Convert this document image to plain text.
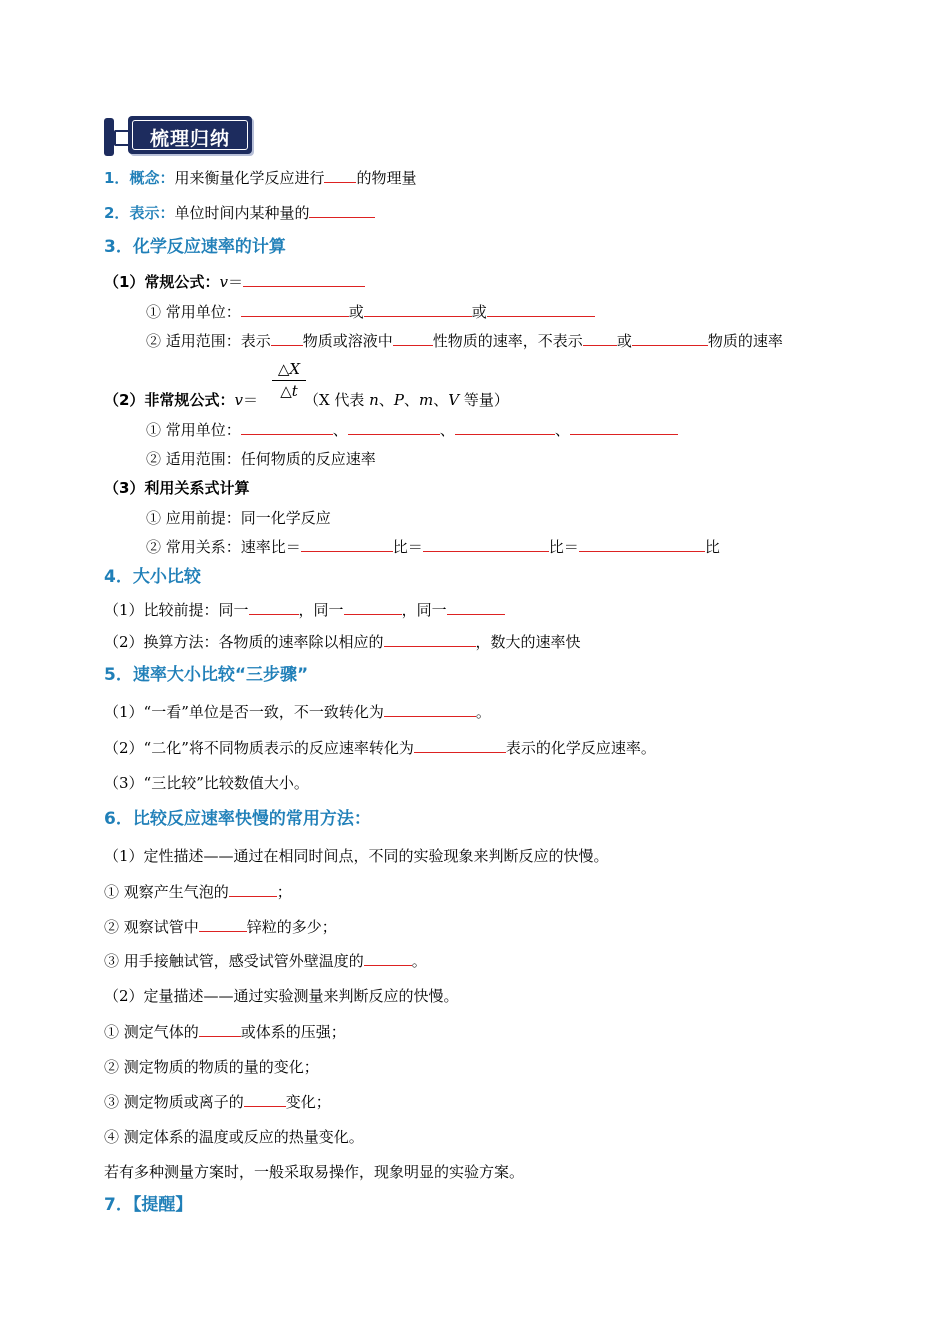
梳理归纳
1．概念：用来衡量化学反应进行 的物理量
2．表示：单位时间内某种量的
3．化学反应速率的计算
（1）常规公式：v＝
① 常用单位：	或	或
② 适用范围：表示 物质或溶液中	性物质的速率，不表示 或	物质的速率
$\frac{\triangle X}{\triangle t}$
（2）非常规公式：v＝	（X 代表 n、P、m、V 等量）
① 常用单位：	、	、	、
② 适用范围：任何物质的反应速率
（3）利用关系式计算
① 应用前提：同一化学反应
② 常用关系：速率比＝	比＝	比＝	比
4．大小比较
（1）比较前提：同一	，同一	，同一
（2）换算方法：各物质的速率除以相应的	，数大的速率快
5．速率大小比较“三步骤”
（1）“一看”单位是否一致，不一致转化为	。
（2）“二化”将不同物质表示的反应速率转化为	表示的化学反应速率。
（3）“三比较”比较数值大小。
6．比较反应速率快慢的常用方法：
（1）定性描述——通过在相同时间点，不同的实验现象来判断反应的快慢。
① 观察产生气泡的	；
② 观察试管中	锌粒的多少；
③ 用手接触试管，感受试管外壁温度的	。
（2）定量描述——通过实验测量来判断反应的快慢。
① 测定气体的	或体系的压强；
② 测定物质的物质的量的变化；
③ 测定物质或离子的	变化；
④ 测定体系的温度或反应的热量变化。
若有多种测量方案时，一般采取易操作，现象明显的实验方案。
7．【提醒】
